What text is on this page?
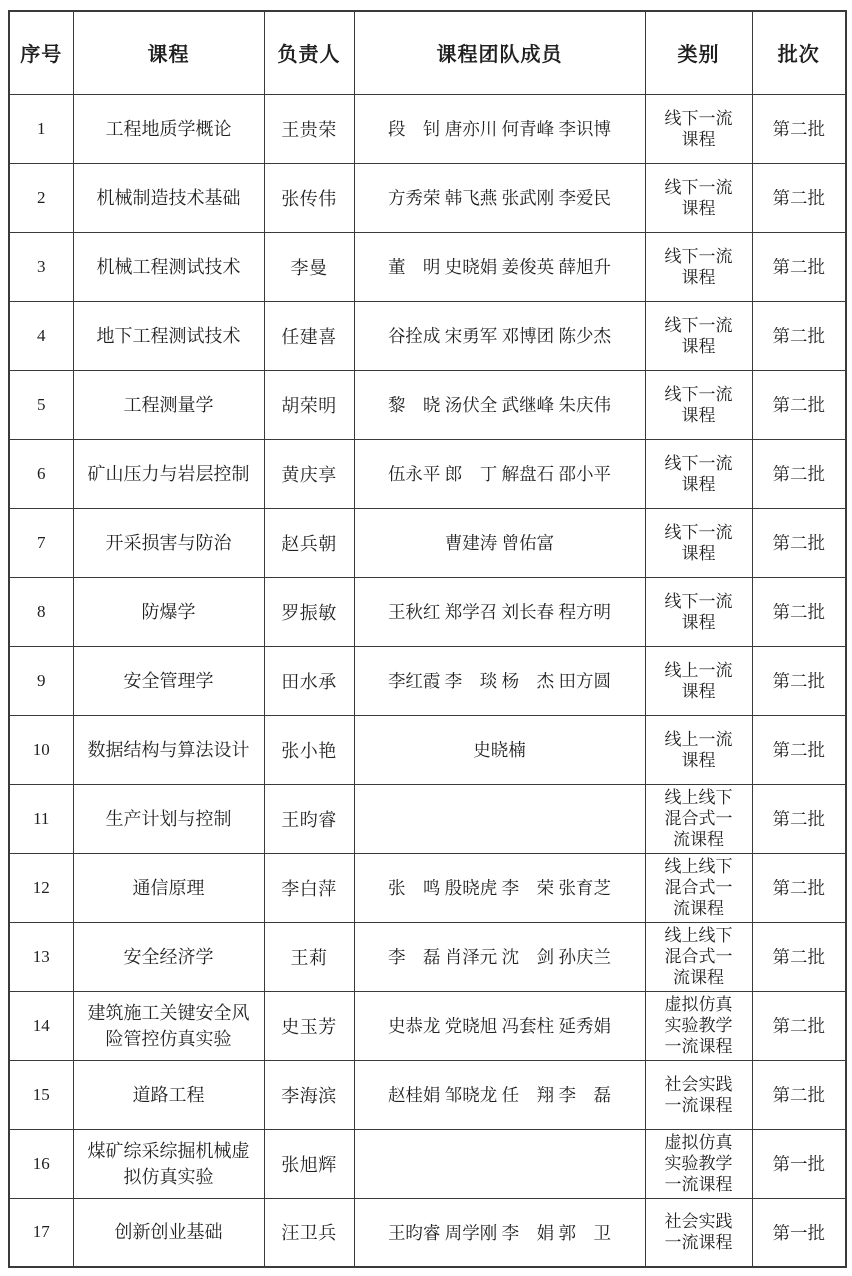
序号	课程	负责人	课程团队成员	类别	批次
1	工程地质学概论	王贵荣	段　钊 唐亦川 何青峰 李识博	线下一流课程	第二批
2	机械制造技术基础	张传伟	方秀荣 韩飞燕 张武刚 李爱民	线下一流课程	第二批
3	机械工程测试技术	李曼	董　明 史晓娟 姜俊英 薛旭升	线下一流课程	第二批
4	地下工程测试技术	任建喜	谷拴成 宋勇军 邓博团 陈少杰	线下一流课程	第二批
5	工程测量学	胡荣明	黎　晓 汤伏全 武继峰 朱庆伟	线下一流课程	第二批
6	矿山压力与岩层控制	黄庆享	伍永平 郎　丁 解盘石 邵小平	线下一流课程	第二批
7	开采损害与防治	赵兵朝	曹建涛 曾佑富	线下一流课程	第二批
8	防爆学	罗振敏	王秋红 郑学召 刘长春 程方明	线下一流课程	第二批
9	安全管理学	田水承	李红霞 李　琰 杨　杰 田方圆	线上一流课程	第二批
10	数据结构与算法设计	张小艳	史晓楠	线上一流课程	第二批
11	生产计划与控制	王昀睿		线上线下混合式一流课程	第二批
12	通信原理	李白萍	张　鸣 殷晓虎 李　荣 张育芝	线上线下混合式一流课程	第二批
13	安全经济学	王莉	李　磊 肖泽元 沈　剑 孙庆兰	线上线下混合式一流课程	第二批
14	建筑施工关键安全风险管控仿真实验	史玉芳	史恭龙 党晓旭 冯套柱 延秀娟	虚拟仿真实验教学一流课程	第二批
15	道路工程	李海滨	赵桂娟 邹晓龙 任　翔 李　磊	社会实践一流课程	第二批
16	煤矿综采综掘机械虚拟仿真实验	张旭辉		虚拟仿真实验教学一流课程	第一批
17	创新创业基础	汪卫兵	王昀睿 周学刚 李　娟 郭　卫	社会实践一流课程	第一批
